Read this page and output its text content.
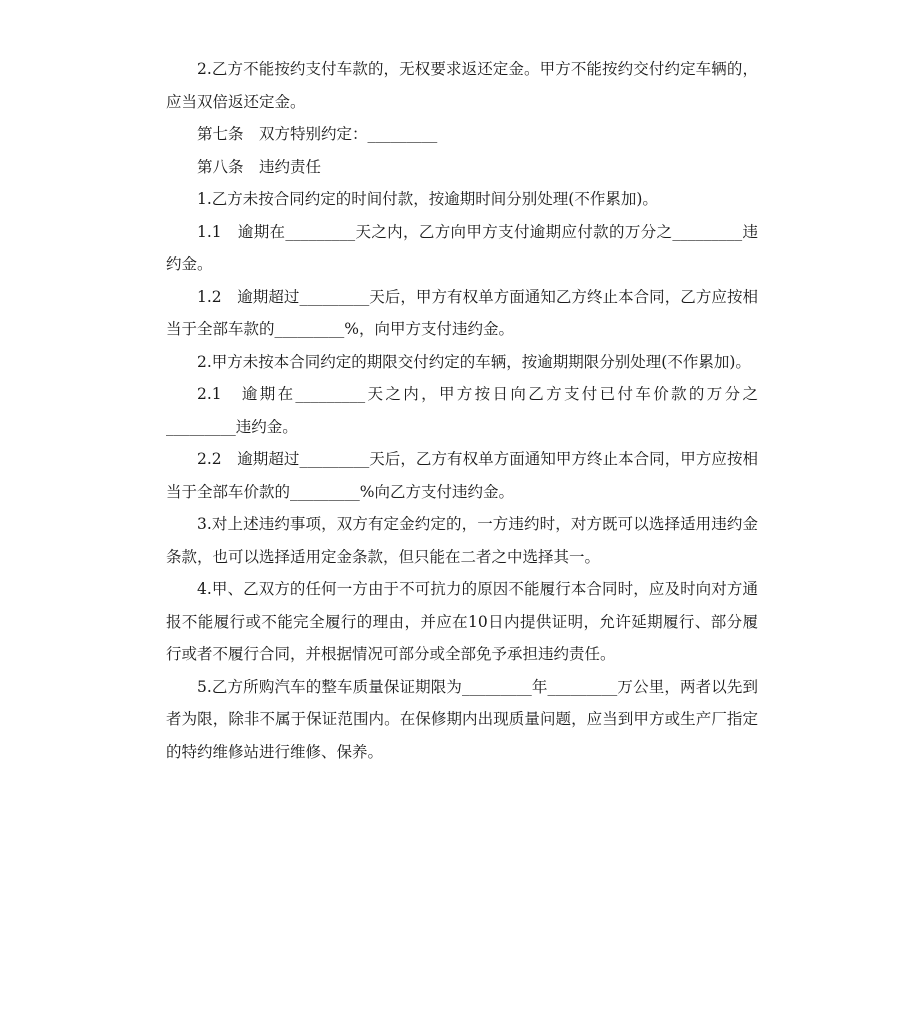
2.乙方不能按约支付车款的，无权要求返还定金。甲方不能按约交付约定车辆的，应当双倍返还定金。

第七条　双方特别约定：_________

第八条　违约责任

1.乙方未按合同约定的时间付款，按逾期时间分别处理(不作累加)。

1.1　逾期在_________天之内，乙方向甲方支付逾期应付款的万分之_________违约金。

1.2　逾期超过_________天后，甲方有权单方面通知乙方终止本合同，乙方应按相当于全部车款的_________%，向甲方支付违约金。

2.甲方未按本合同约定的期限交付约定的车辆，按逾期期限分别处理(不作累加)。

2.1　逾期在_________天之内，甲方按日向乙方支付已付车价款的万分之_________违约金。

2.2　逾期超过_________天后，乙方有权单方面通知甲方终止本合同，甲方应按相当于全部车价款的_________%向乙方支付违约金。

3.对上述违约事项，双方有定金约定的，一方违约时，对方既可以选择适用违约金条款，也可以选择适用定金条款，但只能在二者之中选择其一。

4.甲、乙双方的任何一方由于不可抗力的原因不能履行本合同时，应及时向对方通报不能履行或不能完全履行的理由，并应在10日内提供证明，允许延期履行、部分履行或者不履行合同，并根据情况可部分或全部免予承担违约责任。

5.乙方所购汽车的整车质量保证期限为_________年_________万公里，两者以先到者为限，除非不属于保证范围内。在保修期内出现质量问题，应当到甲方或生产厂指定的特约维修站进行维修、保养。
